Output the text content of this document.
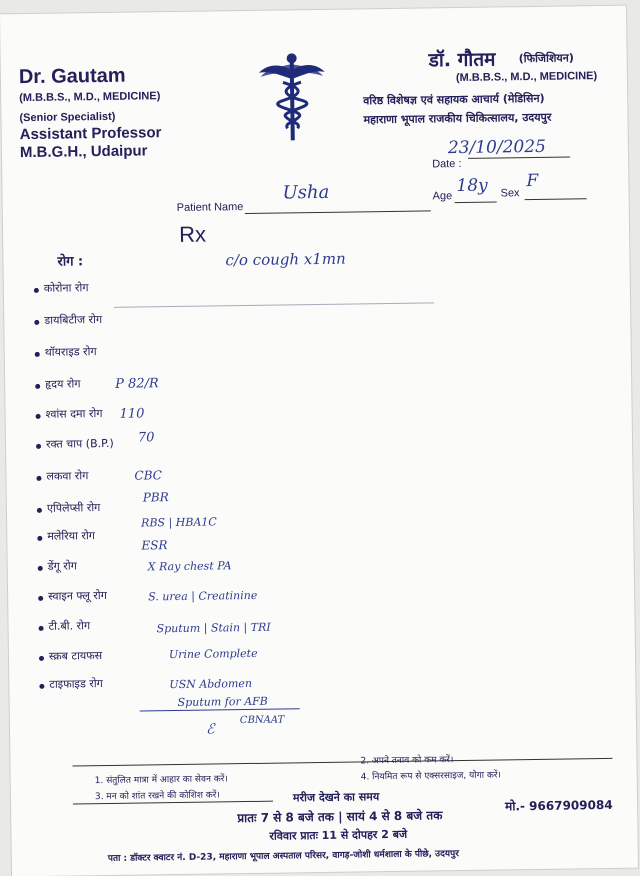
Dr. Gautam
(M.B.B.S., M.D., MEDICINE)
(Senior Specialist)
Assistant Professor
M.B.G.H., Udaipur
डॉ. गौतम (फिजिशियन)
(M.B.B.S., M.D., MEDICINE)
वरिष्ठ विशेषज्ञ एवं सहायक आचार्य (मेडिसिन)
महाराणा भूपाल राजकीय चिकित्सालय, उदयपुर
Date :
23/10/2025
Patient Name
Usha	Age
18y Sex
F
Rx
c/o cough x1mn
रोग :
कोरोना रोग
डायबिटीज रोग
थॉयराइड रोग
हृदय रोग
श्वांस दमा रोग
रक्त चाप (B.P.)
लकवा रोग
एपिलेप्सी रोग
मलेरिया रोग
डेंगू रोग
स्वाइन फ्लू रोग
टी.बी. रोग
स्क्रब टायफस
टाइफाइड रोग
P 82/R
110
70
CBC
PBR
RBS | HBA1C
ESR
X Ray chest PA
S. urea | Creatinine
Sputum | Stain | TRI
Urine Complete
USN Abdomen
Sputum for AFB
CBNAAT
ℰ
1. संतुलित मात्रा में आहार का सेवन करें।
2. अपने तनाव को कम करें।
3. मन को शांत रखने की कोशिश करें।
4. नियमित रूप से एक्सरसाइज, योगा करें।
मरीज देखने का समय
प्रातः 7 से 8 बजे तक | सायं 4 से 8 बजे तक
रविवार प्रातः 11 से दोपहर 2 बजे
मो.- 9667909084
पता : डॉक्टर क्वाटर नं. D-23, महाराणा भूपाल अस्पताल परिसर, वागड़-जोशी धर्मशाला के पीछे, उदयपुर
